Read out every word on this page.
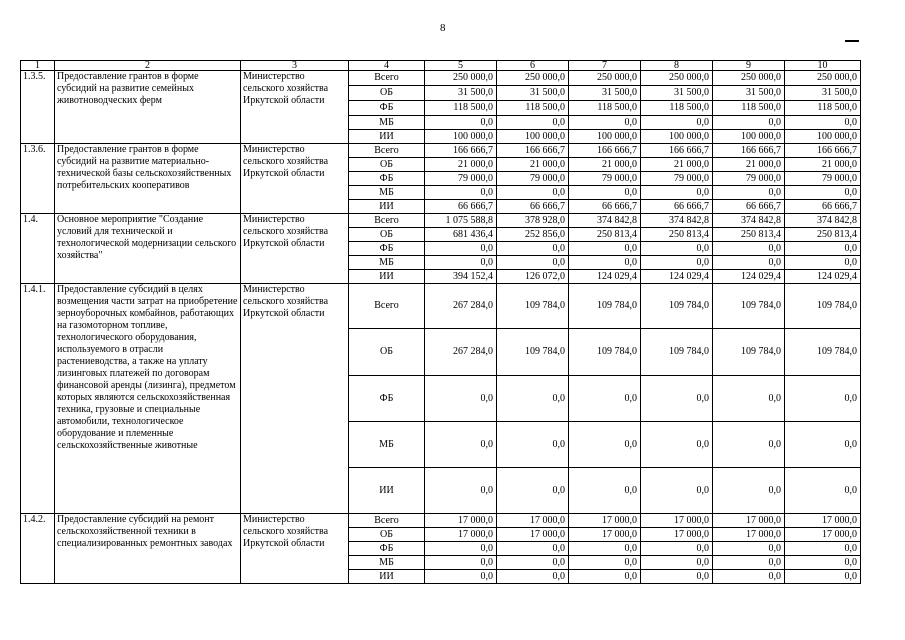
8
1	2	3	4	5	6	7	8	9	10
1.3.5.	Предоставление грантов в форме субсидий на развитие семейных животноводческих ферм	Министерство сельского хозяйства Иркутской области	Всего	250 000,0	250 000,0	250 000,0	250 000,0	250 000,0	250 000,0
			ОБ	31 500,0	31 500,0	31 500,0	31 500,0	31 500,0	31 500,0
			ФБ	118 500,0	118 500,0	118 500,0	118 500,0	118 500,0	118 500,0
			МБ	0,0	0,0	0,0	0,0	0,0	0,0
			ИИ	100 000,0	100 000,0	100 000,0	100 000,0	100 000,0	100 000,0
1.3.6.	Предоставление грантов в форме субсидий на развитие материально-технической базы сельскохозяйственных потребительских кооперативов	Министерство сельского хозяйства Иркутской области	Всего	166 666,7	166 666,7	166 666,7	166 666,7	166 666,7	166 666,7
			ОБ	21 000,0	21 000,0	21 000,0	21 000,0	21 000,0	21 000,0
			ФБ	79 000,0	79 000,0	79 000,0	79 000,0	79 000,0	79 000,0
			МБ	0,0	0,0	0,0	0,0	0,0	0,0
			ИИ	66 666,7	66 666,7	66 666,7	66 666,7	66 666,7	66 666,7
1.4.	Основное мероприятие "Создание условий для технической и технологической модернизации сельского хозяйства"	Министерство сельского хозяйства Иркутской области	Всего	1 075 588,8	378 928,0	374 842,8	374 842,8	374 842,8	374 842,8
			ОБ	681 436,4	252 856,0	250 813,4	250 813,4	250 813,4	250 813,4
			ФБ	0,0	0,0	0,0	0,0	0,0	0,0
			МБ	0,0	0,0	0,0	0,0	0,0	0,0
			ИИ	394 152,4	126 072,0	124 029,4	124 029,4	124 029,4	124 029,4
1.4.1.	Предоставление субсидий в целях возмещения части затрат на приобретение зерноуборочных комбайнов, работающих на газомоторном топливе, технологического оборудования, используемого в отрасли растениеводства, а также на уплату лизинговых платежей по договорам финансовой аренды (лизинга), предметом которых являются сельскохозяйственная техника, грузовые и специальные автомобили, технологическое оборудование и племенные сельскохозяйственные животные	Министерство сельского хозяйства Иркутской области	Всего	267 284,0	109 784,0	109 784,0	109 784,0	109 784,0	109 784,0
			ОБ	267 284,0	109 784,0	109 784,0	109 784,0	109 784,0	109 784,0
			ФБ	0,0	0,0	0,0	0,0	0,0	0,0
			МБ	0,0	0,0	0,0	0,0	0,0	0,0
			ИИ	0,0	0,0	0,0	0,0	0,0	0,0
1.4.2.	Предоставление субсидий на ремонт сельскохозяйственной техники в специализированных ремонтных заводах	Министерство сельского хозяйства Иркутской области	Всего	17 000,0	17 000,0	17 000,0	17 000,0	17 000,0	17 000,0
			ОБ	17 000,0	17 000,0	17 000,0	17 000,0	17 000,0	17 000,0
			ФБ	0,0	0,0	0,0	0,0	0,0	0,0
			МБ	0,0	0,0	0,0	0,0	0,0	0,0
			ИИ	0,0	0,0	0,0	0,0	0,0	0,0
